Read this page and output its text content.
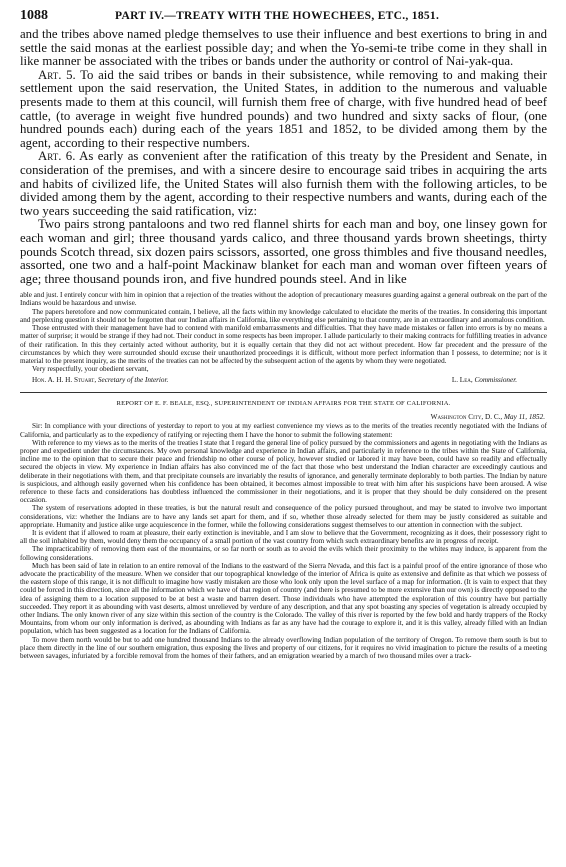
1088	PART IV.—TREATY WITH THE HOWECHEES, ETC., 1851.

and the tribes above named pledge themselves to use their influence and best exertions to bring in and settle the said monas at the earliest possible day; and when the Yo-semi-te tribe come in they shall in like manner be associated with the tribes or bands under the authority or control of Nai-yak-qua.

Art. 5. To aid the said tribes or bands in their subsistence, while removing to and making their settlement upon the said reservation, the United States, in addition to the numerous and valuable presents made to them at this council, will furnish them free of charge, with five hundred head of beef cattle, (to average in weight five hundred pounds) and two hundred and sixty sacks of flour, (one hundred pounds each) during each of the years 1851 and 1852, to be divided among them by the agent, according to their respective numbers.

Art. 6. As early as convenient after the ratification of this treaty by the President and Senate, in consideration of the premises, and with a sincere desire to encourage said tribes in acquiring the arts and habits of civilized life, the United States will also furnish them with the following articles, to be divided among them by the agent, according to their respective numbers and wants, during each of the two years succeeding the said ratification, viz:

Two pairs strong pantaloons and two red flannel shirts for each man and boy, one linsey gown for each woman and girl; three thousand yards calico, and three thousand yards brown sheetings, thirty pounds Scotch thread, six dozen pairs scissors, assorted, one gross thimbles and five thousand needles, assorted, one two and a half-point Mackinaw blanket for each man and woman over fifteen years of age; three thousand pounds iron, and five hundred pounds steel. And in like

able and just. I entirely concur with him in opinion that a rejection of the treaties without the adoption of precautionary measures guarding against a general outbreak on the part of the Indians would be hazardous and unwise.

The papers heretofore and now communicated contain, I believe, all the facts within my knowledge calculated to elucidate the merits of the treaties. In considering this important and perplexing question it should not be forgotten that our Indian affairs in California, like everything else pertaining to that country, are in an extraordinary and anomalous condition.

Those entrusted with their management have had to contend with manifold embarrassments and difficulties. That they have made mistakes or fallen into errors is by no means a matter of surprise; it would be strange if they had not. Their conduct in some respects has been improper. I allude particularly to their making contracts for fulfilling treaties in advance of their ratification. In this they certainly acted without authority, but it is equally certain that they did not act without precedent. How far precedent and the pressure of the circumstances by which they were surrounded should excuse their unauthorized proceedings it is difficult, without more perfect information than I possess, to determine; nor is it material to the present inquiry, as the merits of the treaties can not be affected by the subsequent action of the agents by whom they were negotiated.

Very respectfully, your obedient servant,

Hon. A. H. H. Stuart, Secretary of the Interior.	L. Lea, Commissioner.

REPORT OF E. F. BEALE, ESQ., SUPERINTENDENT OF INDIAN AFFAIRS FOR THE STATE OF CALIFORNIA.

Washington City, D. C., May 11, 1852.

Sir: In compliance with your directions of yesterday to report to you at my earliest convenience my views as to the merits of the treaties recently negotiated with the Indians of California, and particularly as to the expediency of ratifying or rejecting them I have the honor to submit the following statement:

With reference to my views as to the merits of the treaties I state that I regard the general line of policy pursued by the commissioners and agents in negotiating with the Indians as proper and expedient under the circumstances. My own personal knowledge and experience in Indian affairs, and particularly in reference to the tribes within the State of California, incline me to the opinion that to secure their peace and friendship no other course of policy, however studied or labored it may have been, could have so readily and effectually secured the objects in view. My experience in Indian affairs has also convinced me of the fact that those who best understand the Indian character are exceedingly cautious and deliberate in their negotiations with them, and that precipitate counsels are invariably the results of ignorance, and generally terminate deplorably to both parties. The Indian by nature is suspicious, and although easily governed when his confidence has been obtained, it becomes almost impossible to treat with him after his suspicions have been aroused. A wise reference to these facts and considerations has doubtless influenced the commissioner in their negotiations, and it is proper that they should be duly considered on the present occasion.

The system of reservations adopted in these treaties, is but the natural result and consequence of the policy pursued throughout, and may be stated to involve two important considerations, viz: whether the Indians are to have any lands set apart for them, and if so, whether those already selected for them may be justly considered as suitable and appropriate. Humanity and justice alike urge acquiescence in the former, while the following considerations suggest themselves to our attention in connection with the subject.

It is evident that if allowed to roam at pleasure, their early extinction is inevitable, and I am slow to believe that the Government, recognizing as it does, their possessory right to all the soil inhabited by them, would deny them the occupancy of a small portion of the vast country from which such extraordinary benefits are in progress of receipt.

The impracticability of removing them east of the mountains, or so far north or south as to avoid the evils which their proximity to the whites may induce, is apparent from the following considerations.

Much has been said of late in relation to an entire removal of the Indians to the eastward of the Sierra Nevada, and this fact is a painful proof of the entire ignorance of those who advocate the practicability of the measure. When we consider that our topographical knowledge of the interior of Africa is quite as extensive and definite as that which we possess of the eastern slope of this range, it is not difficult to imagine how vastly mistaken are those who look only upon the level surface of a map for information. (It is vain to expect that they could be forced in this direction, since all the information which we have of that region of country (and there is presumed to be more extensive than our own) is directly opposed to the idea of assigning them to a location supposed to be at best a waste and barren desert. Those individuals who have attempted the exploration of this country have but partially succeeded. They report it as abounding with vast deserts, almost unrelieved by verdure of any description, and that any spot boasting any species of vegetation is already occupied by other Indians. The only known river of any size within this section of the country is the Colorado. The valley of this river is reported by the few bold and hardy trappers of the Rocky Mountains, from whom our only information is derived, as abounding with Indians as far as any have had the courage to explore it, and it is this valley, already filled with an Indian population, which has been suggested as a location for the Indians of California.

To move them north would be but to add one hundred thousand Indians to the already overflowing Indian population of the territory of Oregon. To remove them south is but to place them directly in the line of our southern emigration, thus exposing the lives and property of our citizens, for it requires no vivid imagination to picture the results of a meeting between savages, infuriated by a forcible removal from the homes of their fathers, and an emigration wearied by a march of two thousand miles over a track-
